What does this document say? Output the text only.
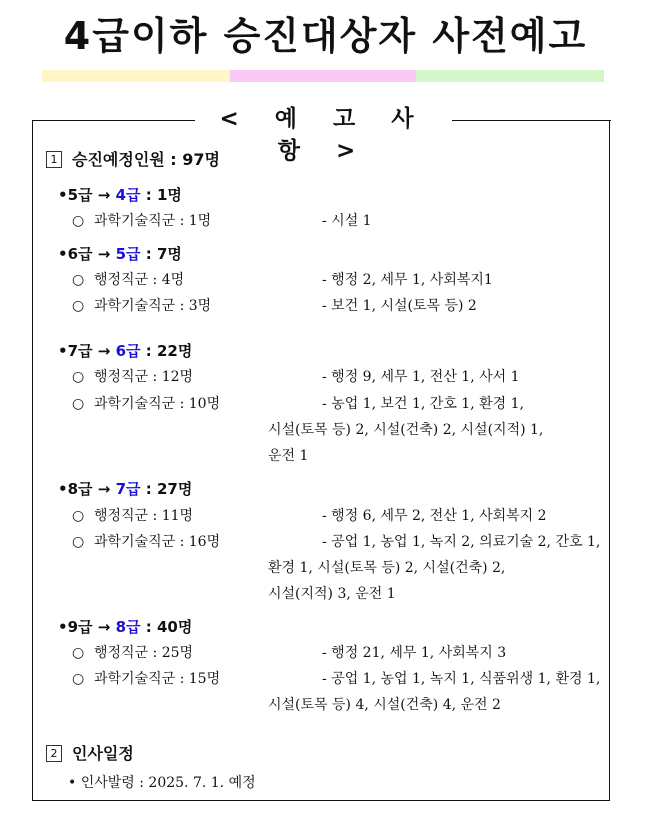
4급이하 승진대상자 사전예고
< 예 고 사 항 >
1 승진예정인원 : 97명
•5급 → 4급 : 1명
○ 과학기술직군 : 1명	- 시설 1
•6급 → 5급 : 7명
○ 행정직군 : 4명	- 행정 2, 세무 1, 사회복지1
○ 과학기술직군 : 3명	- 보건 1, 시설(토목 등) 2
•7급 → 6급 : 22명
○ 행정직군 : 12명	- 행정 9, 세무 1, 전산 1, 사서 1
○ 과학기술직군 : 10명	- 농업 1, 보건 1, 간호 1, 환경 1,
시설(토목 등) 2, 시설(건축) 2, 시설(지적) 1,
운전 1
•8급 → 7급 : 27명
○ 행정직군 : 11명	- 행정 6, 세무 2, 전산 1, 사회복지 2
○ 과학기술직군 : 16명	- 공업 1, 농업 1, 녹지 2, 의료기술 2, 간호 1,
환경 1, 시설(토목 등) 2, 시설(건축) 2,
시설(지적) 3, 운전 1
•9급 → 8급 : 40명
○ 행정직군 : 25명	- 행정 21, 세무 1, 사회복지 3
○ 과학기술직군 : 15명	- 공업 1, 농업 1, 녹지 1, 식품위생 1, 환경 1,
시설(토목 등) 4, 시설(건축) 4, 운전 2
2 인사일정
• 인사발령 : 2025. 7. 1. 예정
